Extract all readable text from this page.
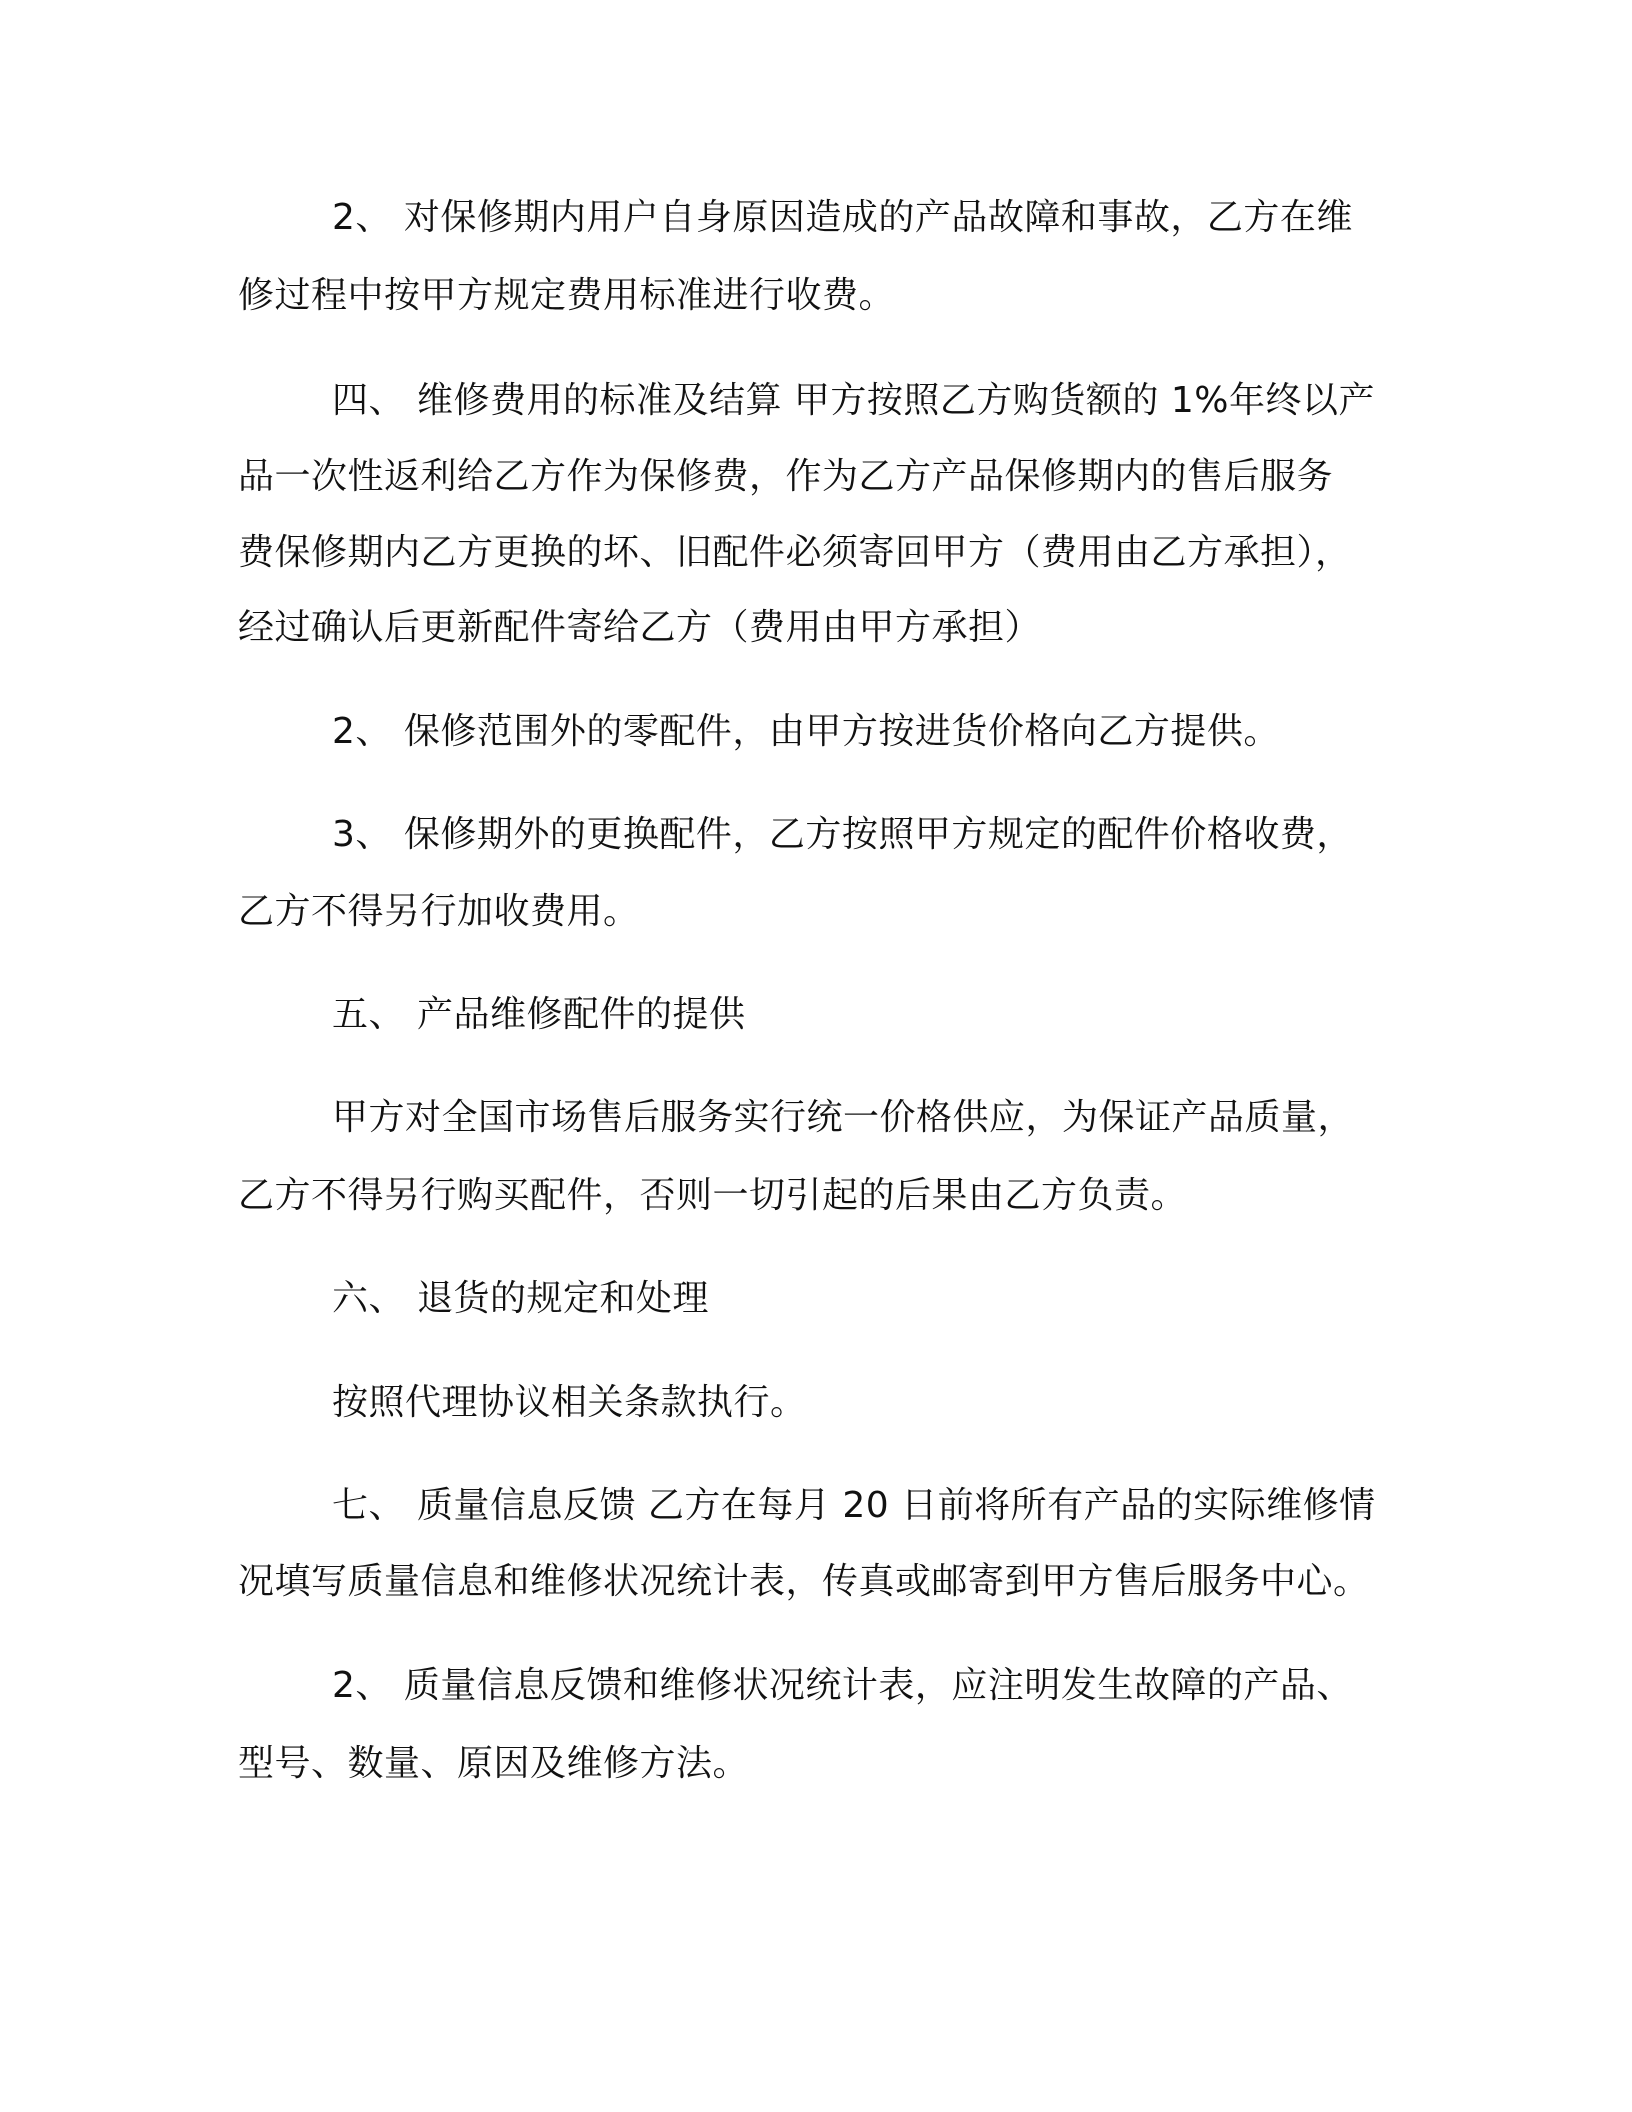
2、 对保修期内用户自身原因造成的产品故障和事故，乙方在维
修过程中按甲方规定费用标准进行收费。
四、 维修费用的标准及结算 甲方按照乙方购货额的 1%年终以产
品一次性返利给乙方作为保修费，作为乙方产品保修期内的售后服务
费保修期内乙方更换的坏、旧配件必须寄回甲方（费用由乙方承担），
经过确认后更新配件寄给乙方（费用由甲方承担）
2、 保修范围外的零配件，由甲方按进货价格向乙方提供。
3、 保修期外的更换配件，乙方按照甲方规定的配件价格收费，
乙方不得另行加收费用。
五、 产品维修配件的提供
甲方对全国市场售后服务实行统一价格供应，为保证产品质量，
乙方不得另行购买配件，否则一切引起的后果由乙方负责。
六、 退货的规定和处理
按照代理协议相关条款执行。
七、 质量信息反馈 乙方在每月 20 日前将所有产品的实际维修情
况填写质量信息和维修状况统计表，传真或邮寄到甲方售后服务中心。
2、 质量信息反馈和维修状况统计表，应注明发生故障的产品、
型号、数量、原因及维修方法。
